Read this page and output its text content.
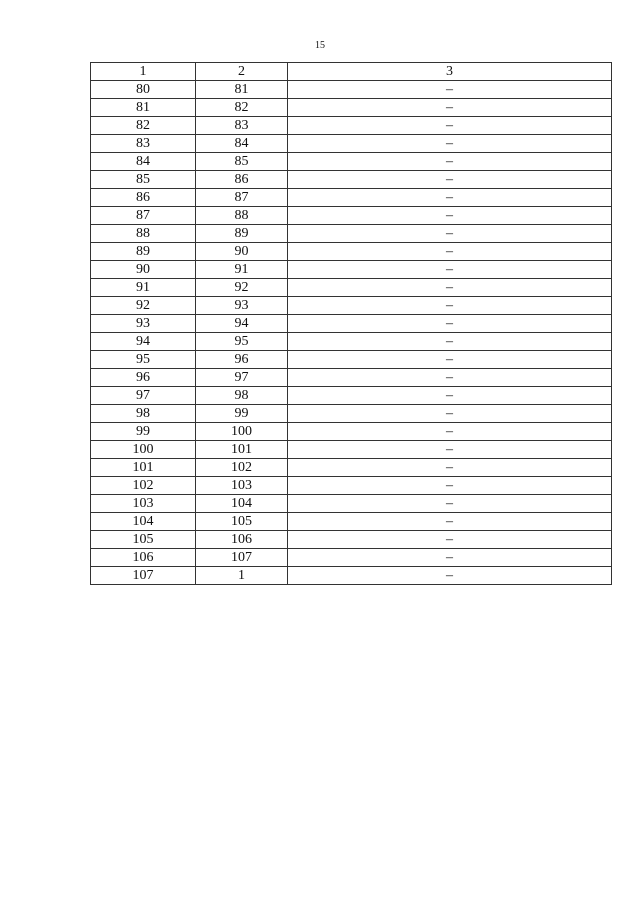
15
1	2	3
80	81	–
81	82	–
82	83	–
83	84	–
84	85	–
85	86	–
86	87	–
87	88	–
88	89	–
89	90	–
90	91	–
91	92	–
92	93	–
93	94	–
94	95	–
95	96	–
96	97	–
97	98	–
98	99	–
99	100	–
100	101	–
101	102	–
102	103	–
103	104	–
104	105	–
105	106	–
106	107	–
107	1	–
